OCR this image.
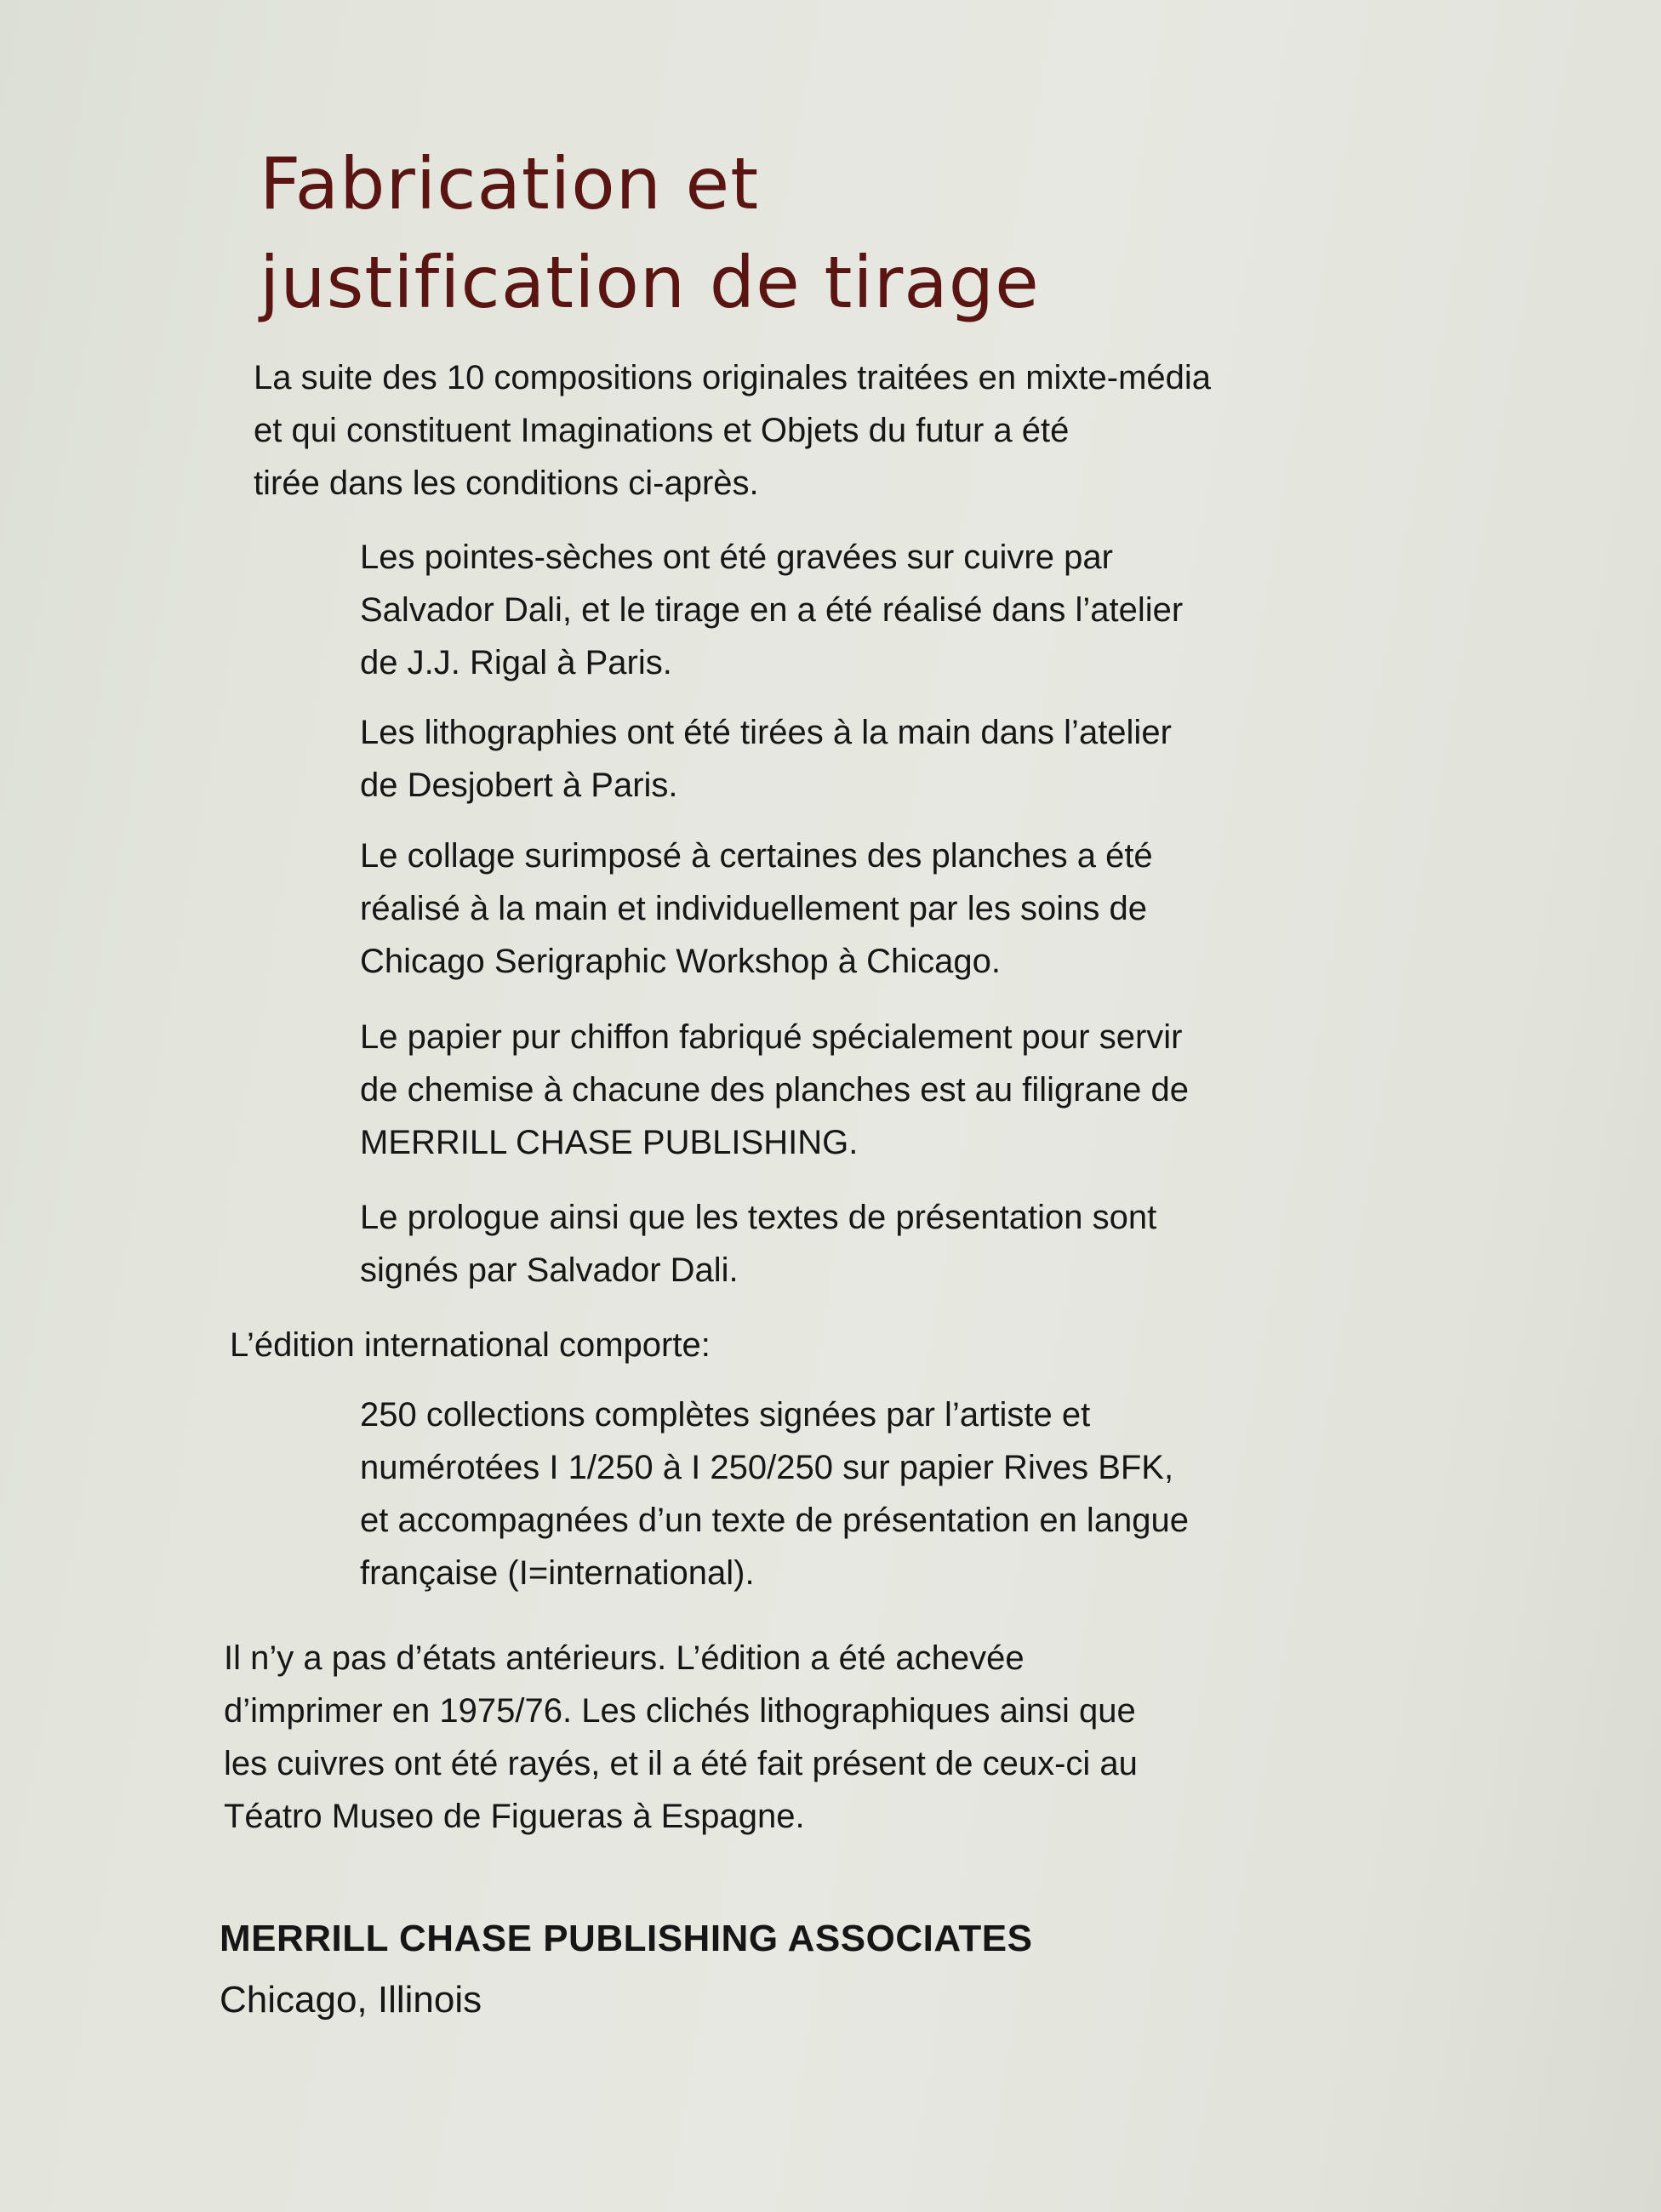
Fabrication et
justification de tirage

La suite des 10 compositions originales traitées en mixte-média
et qui constituent Imaginations et Objets du futur a été
tirée dans les conditions ci-après.

Les pointes-sèches ont été gravées sur cuivre par
Salvador Dali, et le tirage en a été réalisé dans l’atelier
de J.J. Rigal à Paris.

Les lithographies ont été tirées à la main dans l’atelier
de Desjobert à Paris.

Le collage surimposé à certaines des planches a été
réalisé à la main et individuellement par les soins de
Chicago Serigraphic Workshop à Chicago.

Le papier pur chiffon fabriqué spécialement pour servir
de chemise à chacune des planches est au filigrane de
MERRILL CHASE PUBLISHING.

Le prologue ainsi que les textes de présentation sont
signés par Salvador Dali.

L’édition international comporte:

250 collections complètes signées par l’artiste et
numérotées I 1/250 à I 250/250 sur papier Rives BFK,
et accompagnées d’un texte de présentation en langue
française (I=international).

Il n’y a pas d’états antérieurs. L’édition a été achevée
d’imprimer en 1975/76. Les clichés lithographiques ainsi que
les cuivres ont été rayés, et il a été fait présent de ceux-ci au
Téatro Museo de Figueras à Espagne.

MERRILL CHASE PUBLISHING ASSOCIATES

Chicago, Illinois
